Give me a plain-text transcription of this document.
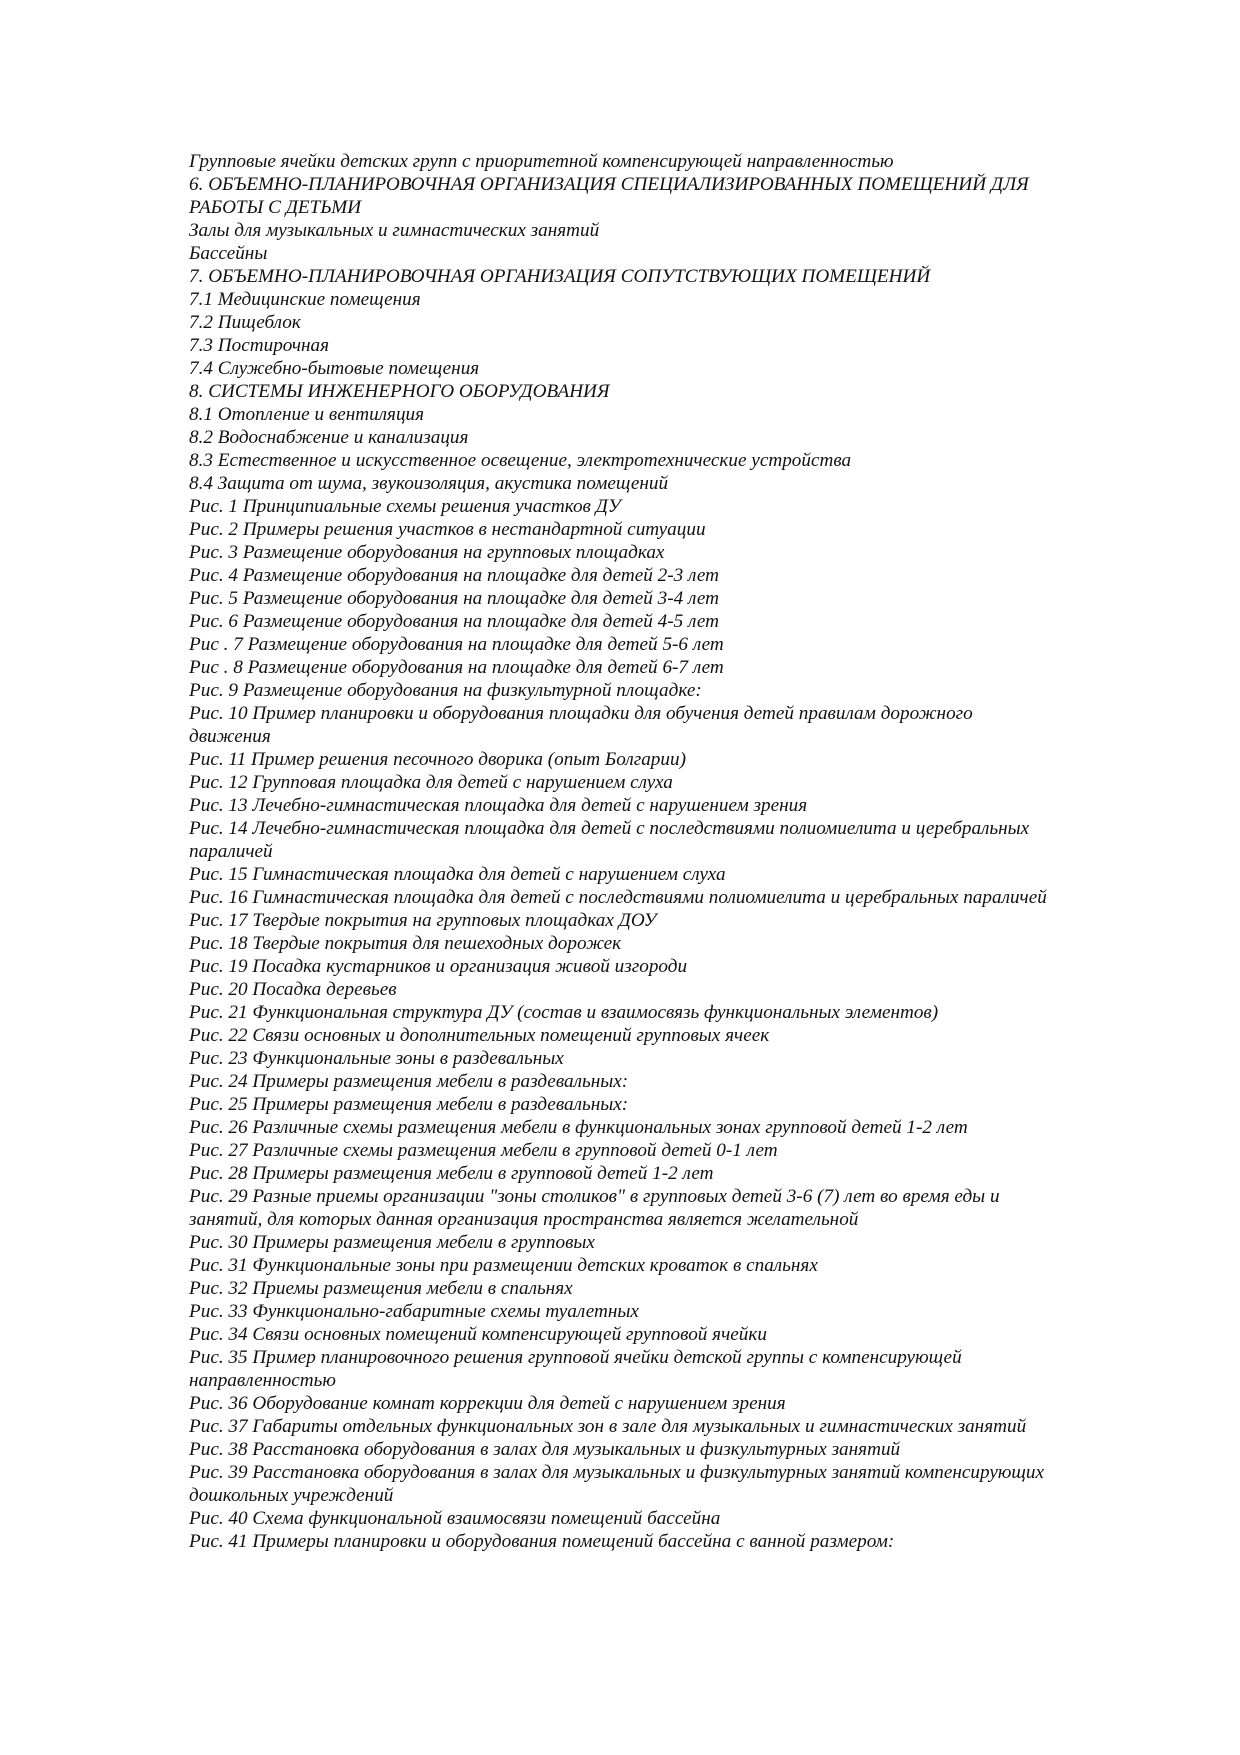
Групповые ячейки детских групп с приоритетной компенсирующей направленностью

6. ОБЪЕМНО-ПЛАНИРОВОЧНАЯ ОРГАНИЗАЦИЯ СПЕЦИАЛИЗИРОВАННЫХ ПОМЕЩЕНИЙ ДЛЯ РАБОТЫ С ДЕТЬМИ

Залы для музыкальных и гимнастических занятий

Бассейны

7. ОБЪЕМНО-ПЛАНИРОВОЧНАЯ ОРГАНИЗАЦИЯ СОПУТСТВУЮЩИХ ПОМЕЩЕНИЙ

7.1 Медицинские помещения

7.2 Пищеблок

7.3 Постирочная

7.4 Служебно-бытовые помещения

8. СИСТЕМЫ ИНЖЕНЕРНОГО ОБОРУДОВАНИЯ

8.1 Отопление и вентиляция

8.2 Водоснабжение и канализация

8.3 Естественное и искусственное освещение, электротехнические устройства

8.4 Защита от шума, звукоизоляция, акустика помещений

Рис. 1 Принципиальные схемы решения участков ДУ

Рис. 2 Примеры решения участков в нестандартной ситуации

Рис. 3 Размещение оборудования на групповых площадках

Рис. 4 Размещение оборудования на площадке для детей 2-3 лет

Рис. 5 Размещение оборудования на площадке для детей 3-4 лет

Рис. 6 Размещение оборудования на площадке для детей 4-5 лет

Рис . 7 Размещение оборудования на площадке для детей 5-6 лет

Рис . 8 Размещение оборудования на площадке для детей 6-7 лет

Рис. 9 Размещение оборудования на физкультурной площадке:

Рис. 10 Пример планировки и оборудования площадки для обучения детей правилам дорожного движения

Рис. 11 Пример решения песочного дворика (опыт Болгарии)

Рис. 12 Групповая площадка для детей с нарушением слуха

Рис. 13 Лечебно-гимнастическая площадка для детей с нарушением зрения

Рис. 14 Лечебно-гимнастическая площадка для детей с последствиями полиомиелита и церебральных параличей

Рис. 15 Гимнастическая площадка для детей с нарушением слуха

Рис. 16 Гимнастическая площадка для детей с последствиями полиомиелита и церебральных параличей

Рис. 17 Твердые покрытия на групповых площадках ДОУ

Рис. 18 Твердые покрытия для пешеходных дорожек

Рис. 19 Посадка кустарников и организация живой изгороди

Рис. 20 Посадка деревьев

Рис. 21 Функциональная структура ДУ (состав и взаимосвязь функциональных элементов)

Рис. 22 Связи основных и дополнительных помещений групповых ячеек

Рис. 23 Функциональные зоны в раздевальных

Рис. 24 Примеры размещения мебели в раздевальных:

Рис. 25 Примеры размещения мебели в раздевальных:

Рис. 26 Различные схемы размещения мебели в функциональных зонах групповой детей 1-2 лет

Рис. 27 Различные схемы размещения мебели в групповой детей 0-1 лет

Рис. 28 Примеры размещения мебели в групповой детей 1-2 лет

Рис. 29 Разные приемы организации "зоны столиков" в групповых детей 3-6 (7) лет во время еды и занятий, для которых данная организация пространства является желательной

Рис. 30 Примеры размещения мебели в групповых

Рис. 31 Функциональные зоны при размещении детских кроваток в спальнях

Рис. 32 Приемы размещения мебели в спальнях

Рис. 33 Функционально-габаритные схемы туалетных

Рис. 34 Связи основных помещений компенсирующей групповой ячейки

Рис. 35 Пример планировочного решения групповой ячейки детской группы с компенсирующей направленностью

Рис. 36 Оборудование комнат коррекции для детей с нарушением зрения

Рис. 37 Габариты отдельных функциональных зон в зале для музыкальных и гимнастических занятий

Рис. 38 Расстановка оборудования в залах для музыкальных и физкультурных занятий

Рис. 39 Расстановка оборудования в залах для музыкальных и физкультурных занятий компенсирующих дошкольных учреждений

Рис. 40 Схема функциональной взаимосвязи помещений бассейна

Рис. 41 Примеры планировки и оборудования помещений бассейна с ванной размером:
